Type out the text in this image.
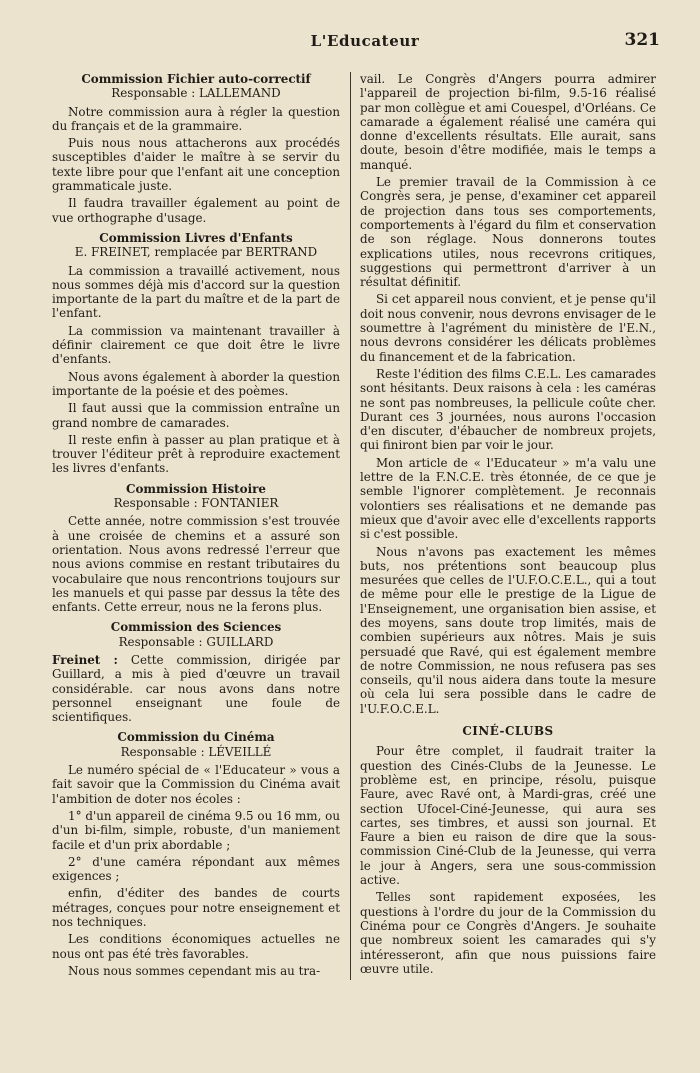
L'Educateur	321
Commission Fichier auto-correctif
Responsable : LALLEMAND

Notre commission aura à régler la question du français et de la grammaire.

Puis nous nous attacherons aux procédés susceptibles d'aider le maître à se servir du texte libre pour que l'enfant ait une conception grammaticale juste.

Il faudra travailler également au point de vue orthographe d'usage.

Commission Livres d'Enfants
E. FREINET, remplacée par BERTRAND

La commission a travaillé activement, nous nous sommes déjà mis d'accord sur la question importante de la part du maître et de la part de l'enfant.

La commission va maintenant travailler à définir clairement ce que doit être le livre d'enfants.

Nous avons également à aborder la question importante de la poésie et des poèmes.

Il faut aussi que la commission entraîne un grand nombre de camarades.

Il reste enfin à passer au plan pratique et à trouver l'éditeur prêt à reproduire exactement les livres d'enfants.

Commission Histoire
Responsable : FONTANIER

Cette année, notre commission s'est trouvée à une croisée de chemins et a assuré son orientation. Nous avons redressé l'erreur que nous avions commise en restant tributaires du vocabulaire que nous rencontrions toujours sur les manuels et qui passe par dessus la tête des enfants. Cette erreur, nous ne la ferons plus.

Commission des Sciences
Responsable : GUILLARD

Freinet : Cette commission, dirigée par Guillard, a mis à pied d'œuvre un travail considérable. car nous avons dans notre personnel enseignant une foule de scientifiques.

Commission du Cinéma
Responsable : LÉVEILLÉ

Le numéro spécial de « l'Educateur » vous a fait savoir que la Commission du Cinéma avait l'ambition de doter nos écoles :

1° d'un appareil de cinéma 9.5 ou 16 mm, ou d'un bi-film, simple, robuste, d'un maniement facile et d'un prix abordable ;

2° d'une caméra répondant aux mêmes exigences ;

enfin, d'éditer des bandes de courts métrages, conçues pour notre enseignement et nos techniques.

Les conditions économiques actuelles ne nous ont pas été très favorables.

Nous nous sommes cependant mis au tra-

vail. Le Congrès d'Angers pourra admirer l'appareil de projection bi-film, 9.5-16 réalisé par mon collègue et ami Couespel, d'Orléans. Ce camarade a également réalisé une caméra qui donne d'excellents résultats. Elle aurait, sans doute, besoin d'être modifiée, mais le temps a manqué.

Le premier travail de la Commission à ce Congrès sera, je pense, d'examiner cet appareil de projection dans tous ses comportements, comportements à l'égard du film et conservation de son réglage. Nous donnerons toutes explications utiles, nous recevrons critiques, suggestions qui permettront d'arriver à un résultat définitif.

Si cet appareil nous convient, et je pense qu'il doit nous convenir, nous devrons envisager de le soumettre à l'agrément du ministère de l'E.N., nous devrons considérer les délicats problèmes du financement et de la fabrication.

Reste l'édition des films C.E.L. Les camarades sont hésitants. Deux raisons à cela : les caméras ne sont pas nombreuses, la pellicule coûte cher. Durant ces 3 journées, nous aurons l'occasion d'en discuter, d'ébaucher de nombreux projets, qui finiront bien par voir le jour.

Mon article de « l'Educateur » m'a valu une lettre de la F.N.C.E. très étonnée, de ce que je semble l'ignorer complètement. Je reconnais volontiers ses réalisations et ne demande pas mieux que d'avoir avec elle d'excellents rapports si c'est possible.

Nous n'avons pas exactement les mêmes buts, nos prétentions sont beaucoup plus mesurées que celles de l'U.F.O.C.E.L., qui a tout de même pour elle le prestige de la Ligue de l'Enseignement, une organisation bien assise, et des moyens, sans doute trop limités, mais de combien supérieurs aux nôtres. Mais je suis persuadé que Ravé, qui est également membre de notre Commission, ne nous refusera pas ses conseils, qu'il nous aidera dans toute la mesure où cela lui sera possible dans le cadre de l'U.F.O.C.E.L.

CINÉ-CLUBS

Pour être complet, il faudrait traiter la question des Cinés-Clubs de la Jeunesse. Le problème est, en principe, résolu, puisque Faure, avec Ravé ont, à Mardi-gras, créé une section Ufocel-Ciné-Jeunesse, qui aura ses cartes, ses timbres, et aussi son journal. Et Faure a bien eu raison de dire que la sous-commission Ciné-Club de la Jeunesse, qui verra le jour à Angers, sera une sous-commission active.

Telles sont rapidement exposées, les questions à l'ordre du jour de la Commission du Cinéma pour ce Congrès d'Angers. Je souhaite que nombreux soient les camarades qui s'y intéresseront, afin que nous puissions faire œuvre utile.
